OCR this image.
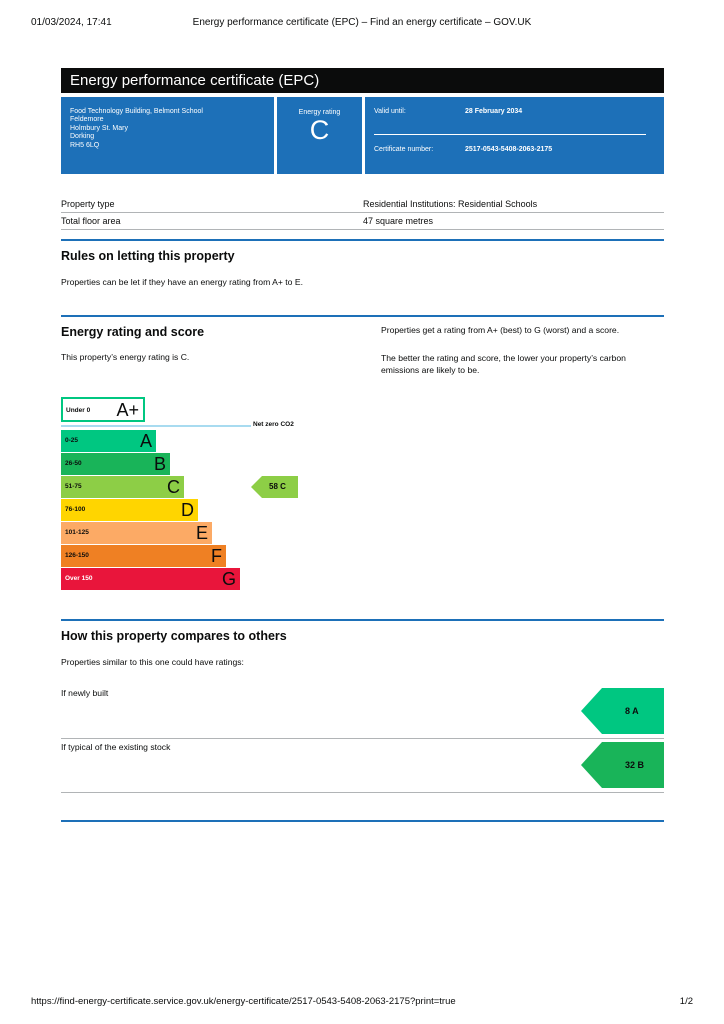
01/03/2024, 17:41	Energy performance certificate (EPC) – Find an energy certificate – GOV.UK
Energy performance certificate (EPC)
Food Technology Building, Belmont School
Feldemore
Holmbury St. Mary
Dorking
RH5 6LQ
Energy rating
C
Valid until:	28 February 2034
Certificate number:	2517-0543-5408-2063-2175
Property type	Residential Institutions: Residential Schools
Total floor area	47 square metres
Rules on letting this property
Properties can be let if they have an energy rating from A+ to E.
Energy rating and score
This property’s energy rating is C.
Properties get a rating from A+ (best) to G (worst) and a score.
The better the rating and score, the lower your property’s carbon emissions are likely to be.
Under 0 A+
Net zero CO2
0-25	A
26-50	B
51-75	C
76-100	D
101-125	E
126-150	F
Over 150	G
58 C
How this property compares to others
Properties similar to this one could have ratings:
If newly built
8 A
If typical of the existing stock
32 B
https://find-energy-certificate.service.gov.uk/energy-certificate/2517-0543-5408-2063-2175?print=true	1/2
